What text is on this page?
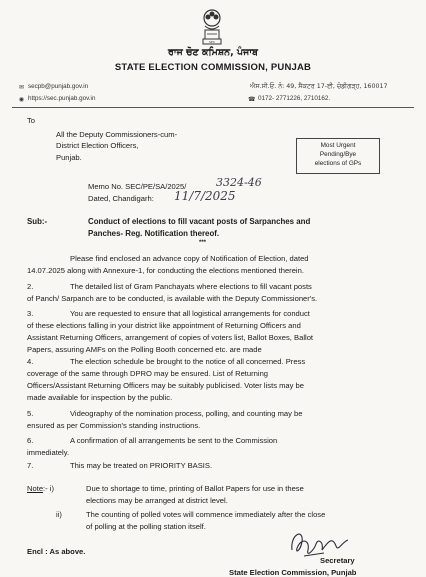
SEC
ਰਾਜ ਚੋਣ ਕਮਿਸ਼ਨ, ਪੰਜਾਬ
STATE ELECTION COMMISSION, PUNJAB
✉ secpb@punjab.gov.in
◉ https://sec.punjab.gov.in
ਐਸ.ਸੀ.ਓ. ਨੰ: 49, ਸੈਕਟਰ 17-ਈ, ਚੰਡੀਗੜ੍ਹ, 160017
☎ 0172- 2771226, 2710162.
To
All the Deputy Commissioners-cum-
District Election Officers,
Punjab.
Most Urgent
Pending/Bye
elections of GPs
Memo No. SEC/PE/SA/2025/	3324-46
Dated, Chandigarh: 11/7/2025
Sub:-	Conduct of elections to fill vacant posts of Sarpanches and
Panches- Reg. Notification thereof.
***
Please find enclosed an advance copy of Notification of Election, dated
14.07.2025 along with Annexure-1, for conducting the elections mentioned therein.
2.	The detailed list of Gram Panchayats where elections to fill vacant posts
of Panch/ Sarpanch are to be conducted, is available with the Deputy Commissioner's.
3.	You are requested to ensure that all logistical arrangements for conduct
of these elections falling in your district like appointment of Returning Officers and
Assistant Returning Officers, arrangement of copies of voters list, Ballot Boxes, Ballot
Papers, assuring AMFs on the Polling Booth concerned etc. are made
4.	The election schedule be brought to the notice of all concerned. Press
coverage of the same through DPRO may be ensured. List of Returning
Officers/Assistant Returning Officers may be suitably publicised. Voter lists may be
made available for inspection by the public.
5.	Videography of the nomination process, polling, and counting may be
ensured as per Commission's standing instructions.
6.	A confirmation of all arrangements be sent to the Commission
immediately.
7.	This may be treated on PRIORITY BASIS.
Note:- i)	Due to shortage to time, printing of Ballot Papers for use in these
elections may be arranged at district level.
ii)	The counting of polled votes will commence immediately after the close
of polling at the polling station itself.
Encl : As above.
Secretary
State Election Commission, Punjab
